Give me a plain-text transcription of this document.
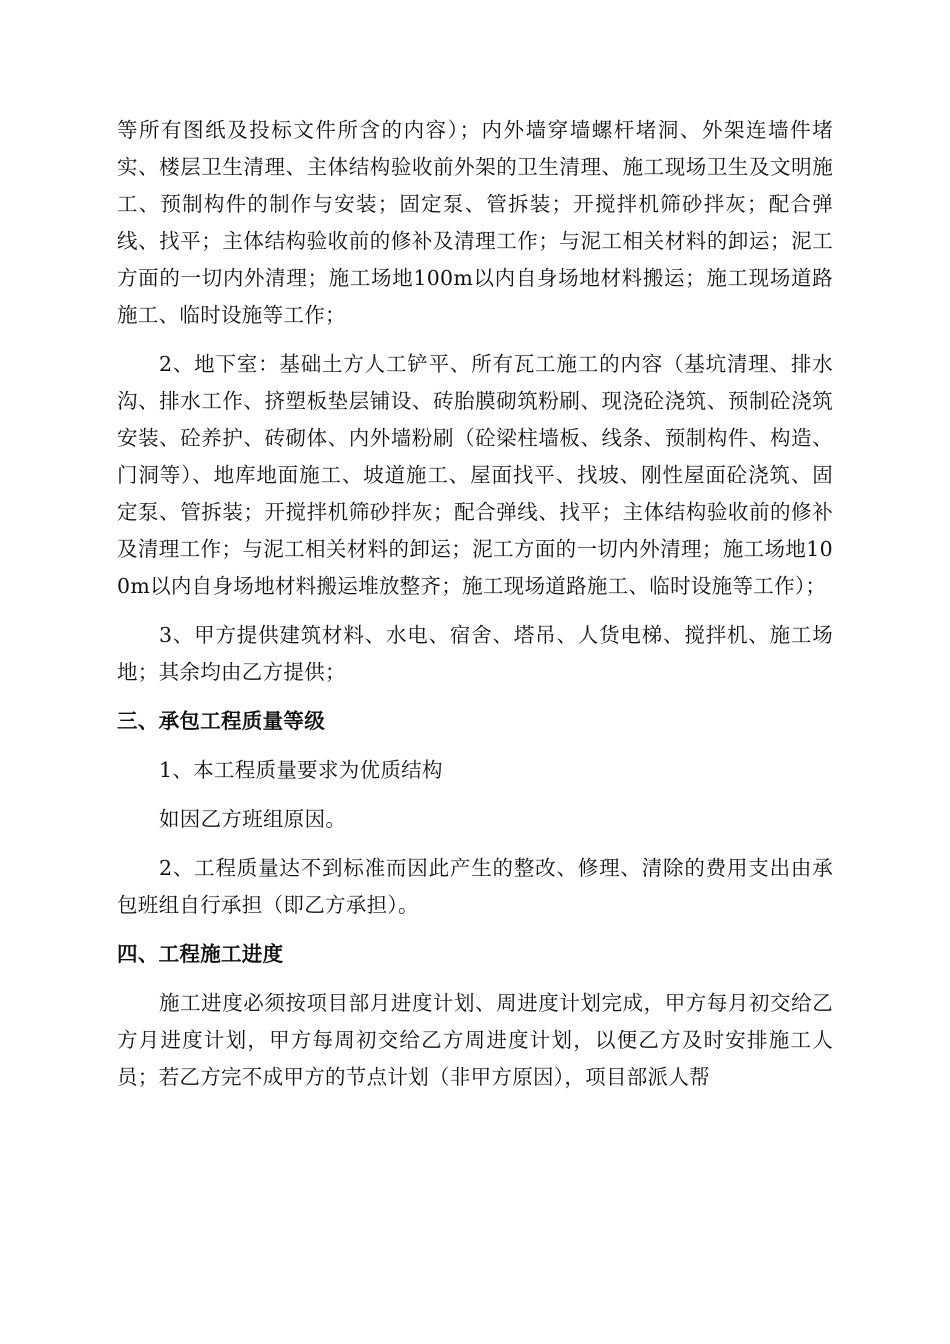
等所有图纸及投标文件所含的内容）；内外墙穿墙螺杆堵洞、外架连墙件堵实、楼层卫生清理、主体结构验收前外架的卫生清理、施工现场卫生及文明施工、预制构件的制作与安装；固定泵、管拆装；开搅拌机筛砂拌灰；配合弹线、找平；主体结构验收前的修补及清理工作；与泥工相关材料的卸运；泥工方面的一切内外清理；施工场地100m以内自身场地材料搬运；施工现场道路施工、临时设施等工作；

2、地下室：基础土方人工铲平、所有瓦工施工的内容（基坑清理、排水沟、排水工作、挤塑板垫层铺设、砖胎膜砌筑粉刷、现浇砼浇筑、预制砼浇筑安装、砼养护、砖砌体、内外墙粉刷（砼梁柱墙板、线条、预制构件、构造、门洞等）、地库地面施工、坡道施工、屋面找平、找坡、刚性屋面砼浇筑、固定泵、管拆装；开搅拌机筛砂拌灰；配合弹线、找平；主体结构验收前的修补及清理工作；与泥工相关材料的卸运；泥工方面的一切内外清理；施工场地100m以内自身场地材料搬运堆放整齐；施工现场道路施工、临时设施等工作）；

3、甲方提供建筑材料、水电、宿舍、塔吊、人货电梯、搅拌机、施工场地；其余均由乙方提供；

三、承包工程质量等级

1、本工程质量要求为优质结构

如因乙方班组原因。

2、工程质量达不到标准而因此产生的整改、修理、清除的费用支出由承包班组自行承担（即乙方承担）。

四、工程施工进度

施工进度必须按项目部月进度计划、周进度计划完成，甲方每月初交给乙方月进度计划，甲方每周初交给乙方周进度计划，以便乙方及时安排施工人员；若乙方完不成甲方的节点计划（非甲方原因），项目部派人帮
